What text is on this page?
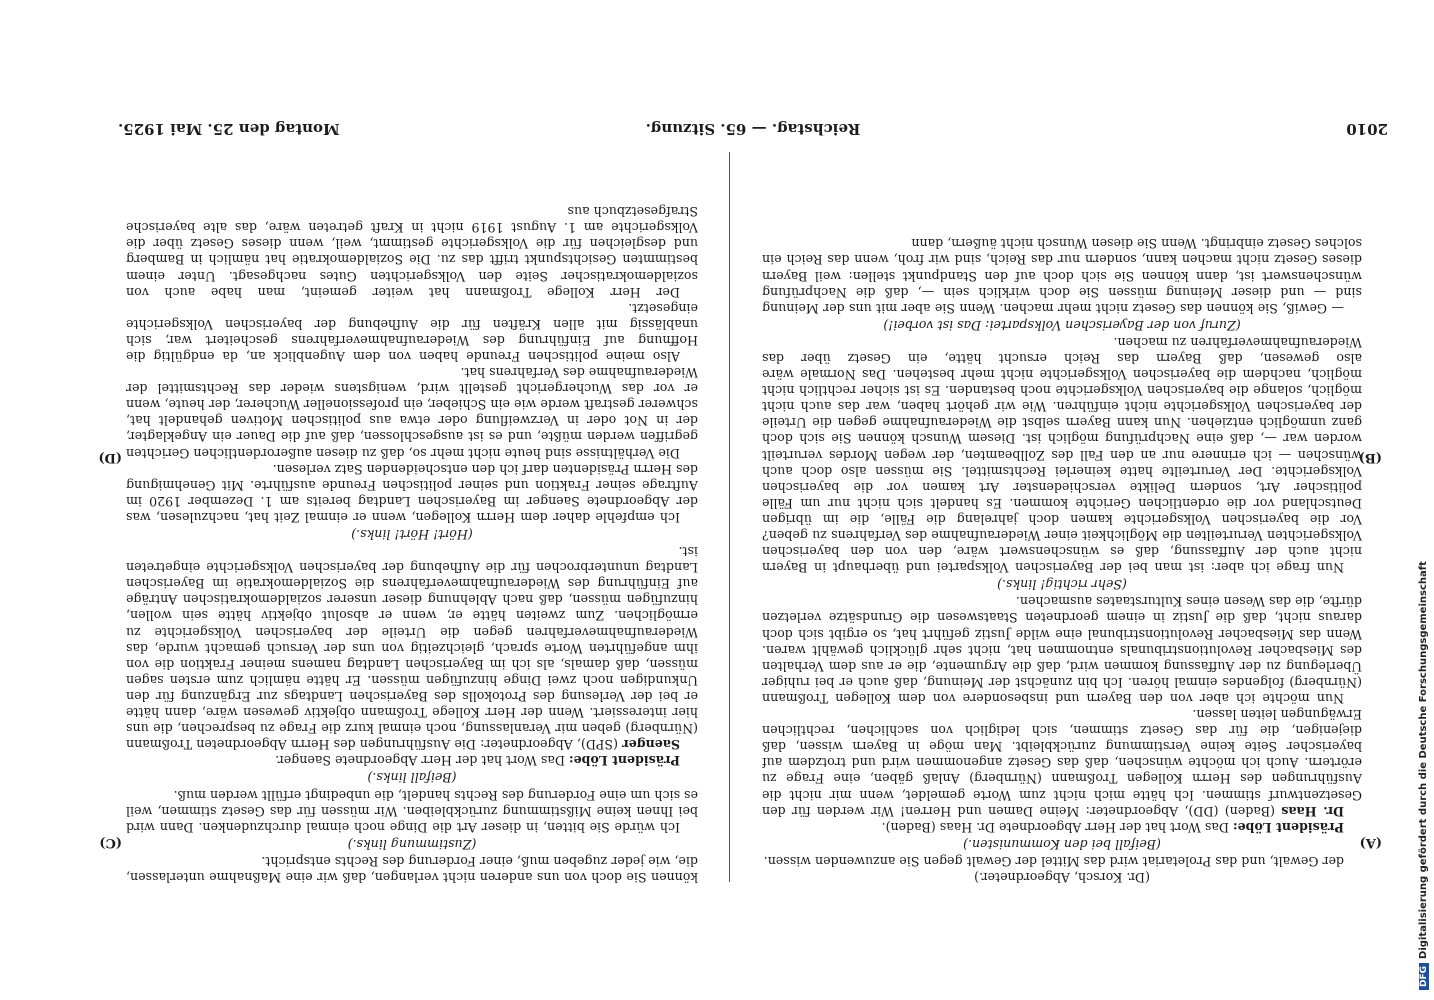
2010
Reichstag. — 65. Sitzung.
Montag den 25. Mai 1925.
(A)
(B)
(C)
(D)

(Dr. Korsch, Abgeordneter.)

der Gewalt, und das Proletariat wird das Mittel der Gewalt gegen Sie anzuwenden wissen.

(Beifall bei den Kommunisten.)

Präsident Löbe: Das Wort hat der Herr Abgeordnete Dr. Haas (Baden).

Dr. Haas (Baden) (DD), Abgeordneter: Meine Damen und Herren! Wir werden für den Gesetzentwurf stimmen. Ich hätte mich nicht zum Worte gemeldet, wenn mir nicht die Ausführungen des Herrn Kollegen Troßmann (Nürnberg) Anlaß gäben, eine Frage zu erörtern. Auch ich möchte wünschen, daß das Gesetz angenommen wird und trotzdem auf bayerischer Seite keine Verstimmung zurückbleibt. Man möge in Bayern wissen, daß diejenigen, die für das Gesetz stimmen, sich lediglich von sachlichen, rechtlichen Erwägungen leiten lassen.

Nun möchte ich aber von den Bayern und insbesondere von dem Kollegen Troßmann (Nürnberg) folgendes einmal hören. Ich bin zunächst der Meinung, daß auch er bei ruhiger Überlegung zu der Auffassung kommen wird, daß die Argumente, die er aus dem Verhalten des Miesbacher Revolutionstribunals entnommen hat, nicht sehr glücklich gewählt waren. Wenn das Miesbacher Revolutionstribunal eine wilde Justiz geführt hat, so ergibt sich doch daraus nicht, daß die Justiz in einem geordneten Staatswesen die Grundsätze verletzen dürfte, die das Wesen eines Kulturstaates ausmachen.

(Sehr richtig! links.)

Nun frage ich aber: ist man bei der Bayerischen Volkspartei und überhaupt in Bayern nicht auch der Auffassung, daß es wünschenswert wäre, den von den bayerischen Volksgerichten Verurteilten die Möglichkeit einer Wiederaufnahme des Verfahrens zu geben? Vor die bayerischen Volksgerichte kamen doch jahrelang die Fälle, die im übrigen Deutschland vor die ordentlichen Gerichte kommen. Es handelt sich nicht nur um Fälle politischer Art, sondern Delikte verschiedenster Art kamen vor die bayerischen Volksgerichte. Der Verurteilte hatte keinerlei Rechtsmittel. Sie müssen also doch auch wünschen — ich erinnere nur an den Fall des Zollbeamten, der wegen Mordes verurteilt worden war —, daß eine Nachprüfung möglich ist. Diesem Wunsch können Sie sich doch ganz unmöglich entziehen. Nun kann Bayern selbst die Wiederaufnahme gegen die Urteile der bayerischen Volksgerichte nicht einführen. Wie wir gehört haben, war das auch nicht möglich, solange die bayerischen Volksgerichte noch bestanden. Es ist sicher rechtlich nicht möglich, nachdem die bayerischen Volksgerichte nicht mehr bestehen. Das Normale wäre also gewesen, daß Bayern das Reich ersucht hätte, ein Gesetz über das Wiederaufnahmeverfahren zu machen.

(Zuruf von der Bayerischen Volkspartei: Das ist vorbei!)

— Gewiß, Sie können das Gesetz nicht mehr machen. Wenn Sie aber mit uns der Meinung sind — und dieser Meinung müssen Sie doch wirklich sein —, daß die Nachprüfung wünschenswert ist, dann können Sie sich doch auf den Standpunkt stellen: weil Bayern dieses Gesetz nicht machen kann, sondern nur das Reich, sind wir froh, wenn das Reich ein solches Gesetz einbringt. Wenn Sie diesen Wunsch nicht äußern, dann

können Sie doch von uns anderen nicht verlangen, daß wir eine Maßnahme unterlassen, die, wie jeder zugeben muß, einer Forderung des Rechts entspricht.

(Zustimmung links.)

Ich würde Sie bitten, in dieser Art die Dinge noch einmal durchzudenken. Dann wird bei Ihnen keine Mißstimmung zurückbleiben. Wir müssen für das Gesetz stimmen, weil es sich um eine Forderung des Rechts handelt, die unbedingt erfüllt werden muß.

(Beifall links.)

Präsident Löbe: Das Wort hat der Herr Abgeordnete Saenger.

Saenger (SPD), Abgeordneter: Die Ausführungen des Herrn Abgeordneten Troßmann (Nürnberg) geben mir Veranlassung, noch einmal kurz die Frage zu besprechen, die uns hier interessiert. Wenn der Herr Kollege Troßmann objektiv gewesen wäre, dann hätte er bei der Verlesung des Protokolls des Bayerischen Landtags zur Ergänzung für den Unkundigen noch zwei Dinge hinzufügen müssen. Er hätte nämlich zum ersten sagen müssen, daß damals, als ich im Bayerischen Landtag namens meiner Fraktion die von ihm angeführten Worte sprach, gleichzeitig von uns der Versuch gemacht wurde, das Wiederaufnahmeverfahren gegen die Urteile der bayerischen Volksgerichte zu ermöglichen. Zum zweiten hätte er, wenn er absolut objektiv hätte sein wollen, hinzufügen müssen, daß nach Ablehnung dieser unserer sozialdemokratischen Anträge auf Einführung des Wiederaufnahmeverfahrens die Sozialdemokratie im Bayerischen Landtag ununterbrochen für die Aufhebung der bayerischen Volksgerichte eingetreten ist.

(Hört! Hört! links.)

Ich empfehle daher dem Herrn Kollegen, wenn er einmal Zeit hat, nachzulesen, was der Abgeordnete Saenger im Bayerischen Landtag bereits am 1. Dezember 1920 im Auftrage seiner Fraktion und seiner politischen Freunde ausführte. Mit Genehmigung des Herrn Präsidenten darf ich den entscheidenden Satz verlesen.

Die Verhältnisse sind heute nicht mehr so, daß zu diesen außerordentlichen Gerichten gegriffen werden müßte, und es ist ausgeschlossen, daß auf die Dauer ein Angeklagter, der in Not oder in Verzweiflung oder etwa aus politischen Motiven gehandelt hat, schwerer gestraft werde wie ein Schieber, ein professioneller Wucherer, der heute, wenn er vor das Wuchergericht gestellt wird, wenigstens wieder das Rechtsmittel der Wiederaufnahme des Verfahrens hat.

Also meine politischen Freunde haben von dem Augenblick an, da endgültig die Hoffnung auf Einführung des Wiederaufnahmeverfahrens gescheitert war, sich unablässig mit allen Kräften für die Aufhebung der bayerischen Volksgerichte eingesetzt.

Der Herr Kollege Troßmann hat weiter gemeint, man habe auch von sozialdemokratischer Seite den Volksgerichten Gutes nachgesagt. Unter einem bestimmten Gesichtspunkt trifft das zu. Die Sozialdemokratie hat nämlich in Bamberg und desgleichen für die Volksgerichte gestimmt, weil, wenn dieses Gesetz über die Volksgerichte am 1. August 1919 nicht in Kraft getreten wäre, das alte bayerische Strafgesetzbuch aus

DFGDigitalisierung gefördert durch die Deutsche Forschungsgemeinschaft
